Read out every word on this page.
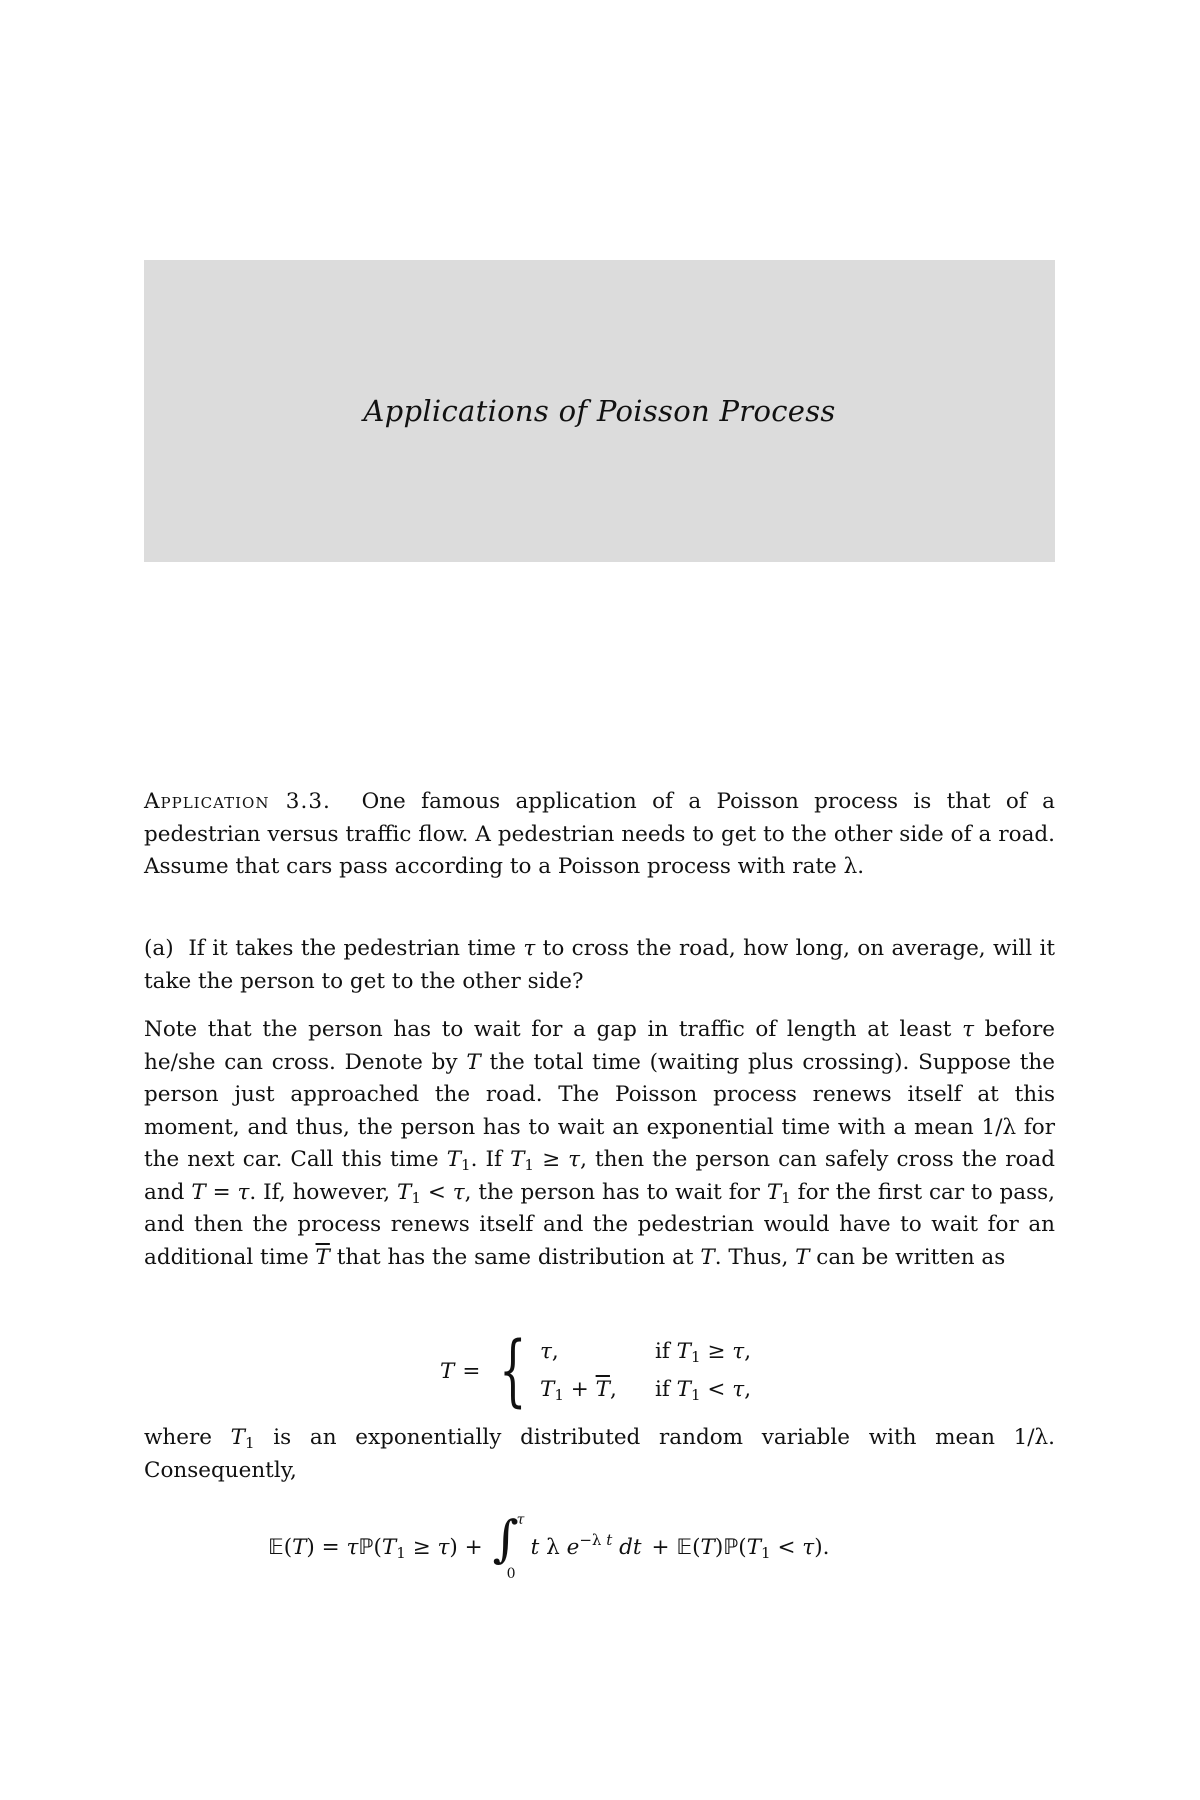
Applications of Poisson Process

Application 3.3.  One famous application of a Poisson process is that of a pedestrian versus traffic flow. A pedestrian needs to get to the other side of a road. Assume that cars pass according to a Poisson process with rate λ.

(a)  If it takes the pedestrian time τ to cross the road, how long, on average, will it take the person to get to the other side?

Note that the person has to wait for a gap in traffic of length at least τ before he/she can cross. Denote by T the total time (waiting plus crossing). Suppose the person just approached the road. The Poisson process renews itself at this moment, and thus, the person has to wait an exponential time with a mean 1/λ for the next car. Call this time $T_1$. If $T_1 \ge \tau$, then the person can safely cross the road and T = τ. If, however, $T_1 < \tau$, the person has to wait for $T_1$ for the first car to pass, and then the process renews itself and the pedestrian would have to wait for an additional time $\overline{T}$ that has the same distribution at T. Thus, T can be written as

T = { τ,	if $T_1 \ge \tau$,
$T_1 + \overline{T}$,	if $T_1 < \tau$,

where $T_1$ is an exponentially distributed random variable with mean 1/λ. Consequently,

𝔼(T) = $\tau ℙ(T_1 \ge \tau)$ + ∫
τ
0
t λ $e^{-\lambda t}$ dt + $𝔼(T)ℙ(T_1 < \tau)$.
